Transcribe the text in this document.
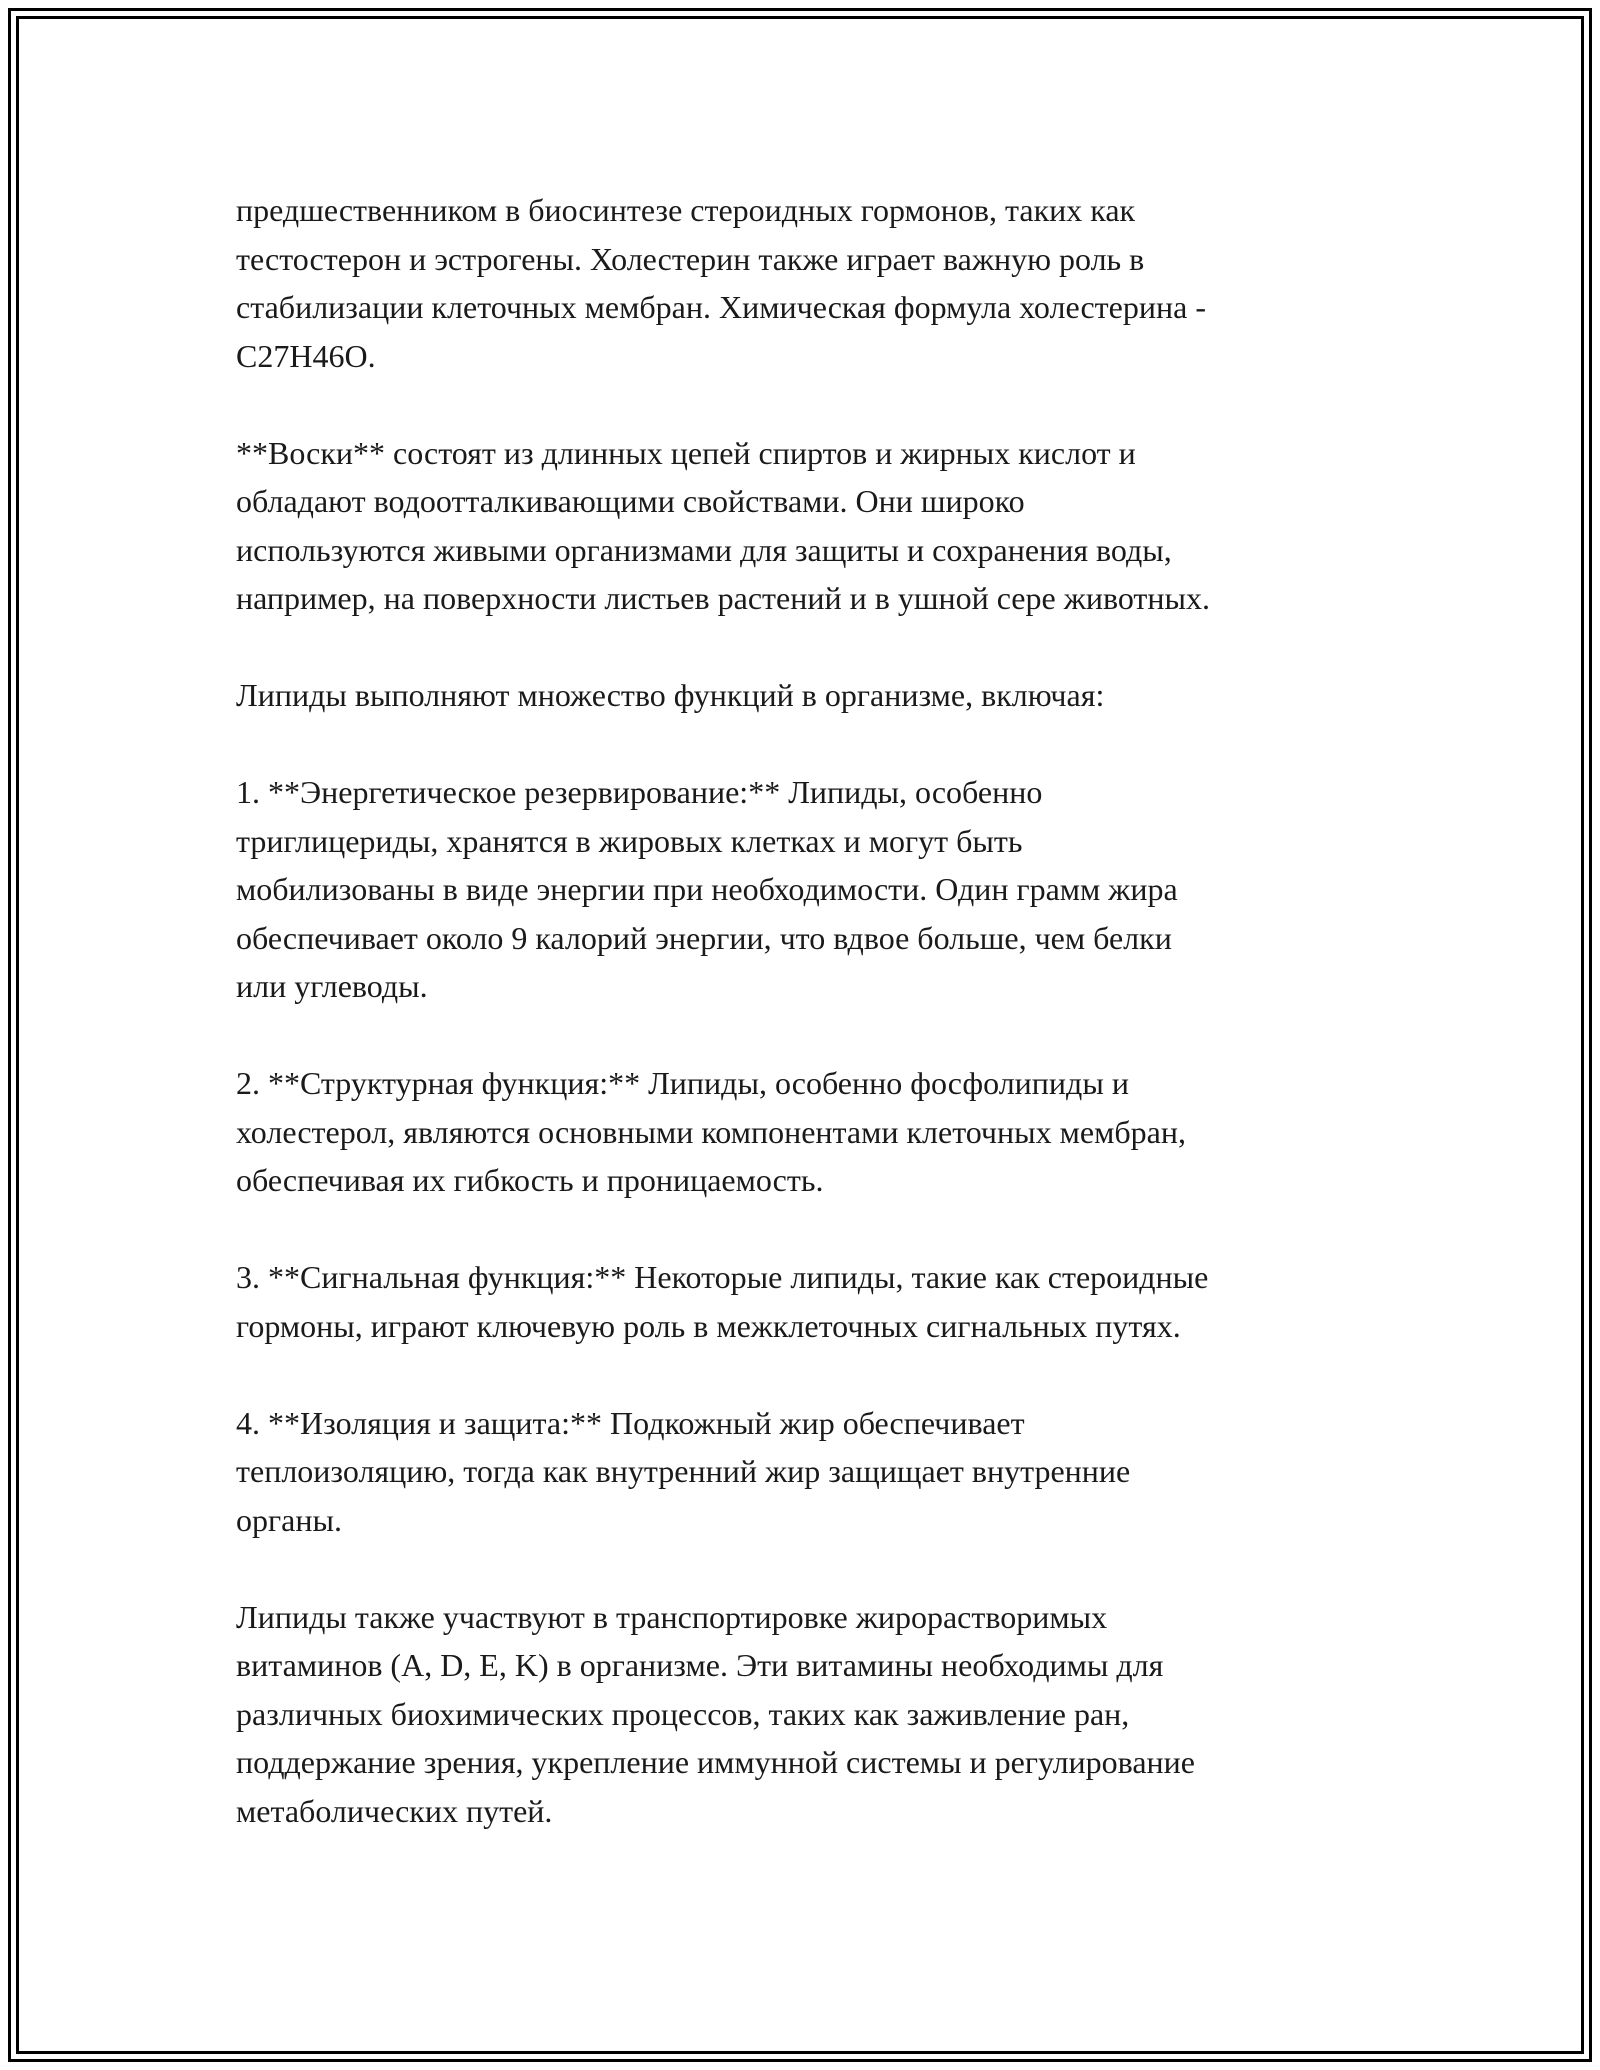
предшественником в биосинтезе стероидных гормонов, таких как
тестостерон и эстрогены. Холестерин также играет важную роль в
стабилизации клеточных мембран. Химическая формула холестерина -
C27H46O.

**Воски** состоят из длинных цепей спиртов и жирных кислот и
обладают водоотталкивающими свойствами. Они широко
используются живыми организмами для защиты и сохранения воды,
например, на поверхности листьев растений и в ушной сере животных.

Липиды выполняют множество функций в организме, включая:

1. **Энергетическое резервирование:** Липиды, особенно
триглицериды, хранятся в жировых клетках и могут быть
мобилизованы в виде энергии при необходимости. Один грамм жира
обеспечивает около 9 калорий энергии, что вдвое больше, чем белки
или углеводы.

2. **Структурная функция:** Липиды, особенно фосфолипиды и
холестерол, являются основными компонентами клеточных мембран,
обеспечивая их гибкость и проницаемость.

3. **Сигнальная функция:** Некоторые липиды, такие как стероидные
гормоны, играют ключевую роль в межклеточных сигнальных путях.

4. **Изоляция и защита:** Подкожный жир обеспечивает
теплоизоляцию, тогда как внутренний жир защищает внутренние
органы.

Липиды также участвуют в транспортировке жирорастворимых
витаминов (A, D, E, K) в организме. Эти витамины необходимы для
различных биохимических процессов, таких как заживление ран,
поддержание зрения, укрепление иммунной системы и регулирование
метаболических путей.
